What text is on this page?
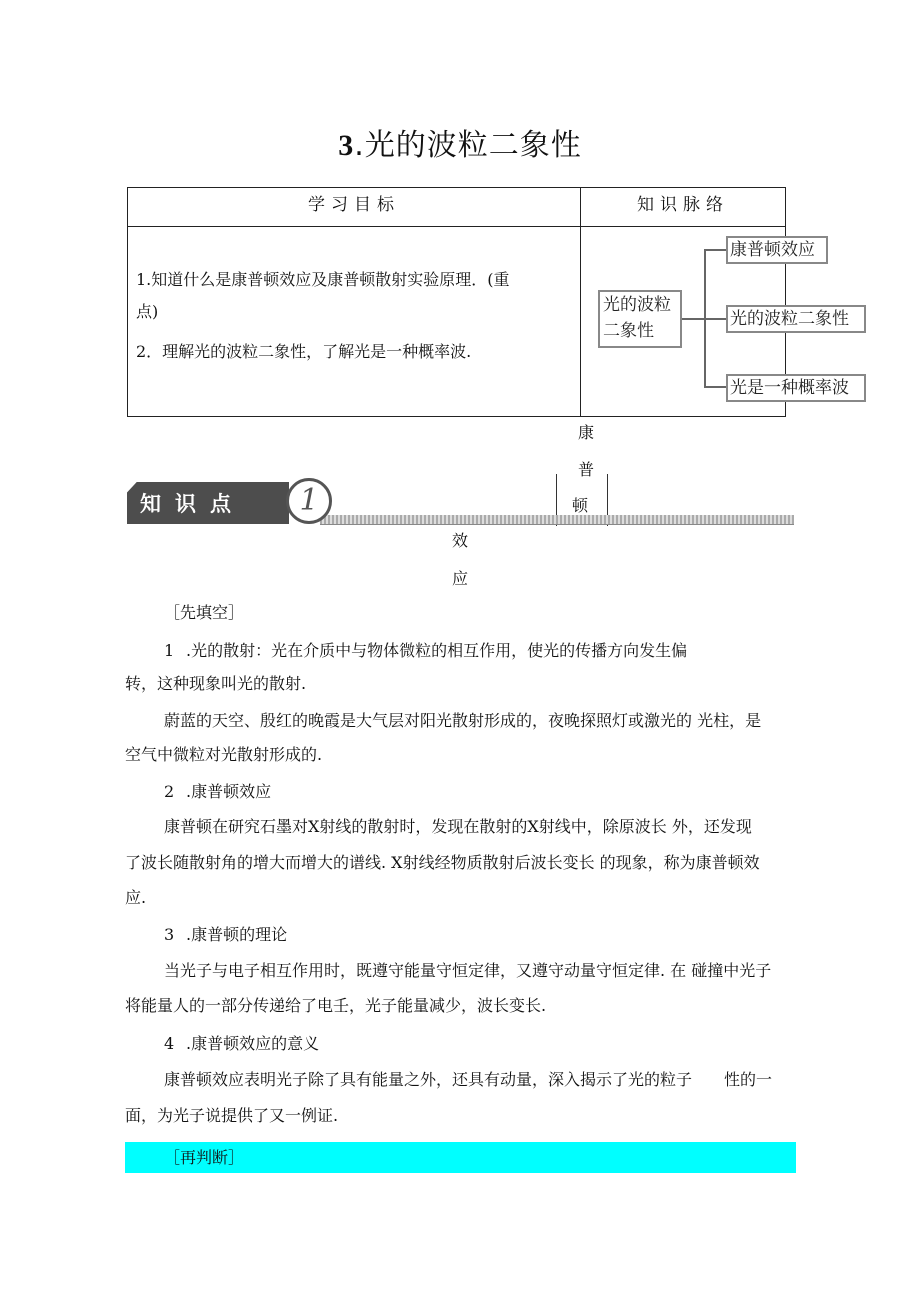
3.光的波粒二象性
学习目标	知识脉络
1.知道什么是康普顿效应及康普顿散射实验原理．(重
点)
2．理解光的波粒二象性，了解光是一种概率波.
光的波粒
二象性
康普顿效应
光的波粒二象性
光是一种概率波
康
普
顿
知识点	1
效
应
［先填空］
1 .光的散射：光在介质中与物体微粒的相互作用，使光的传播方向发生偏
转，这种现象叫光的散射.
蔚蓝的天空、殷红的晚霞是大气层对阳光散射形成的，夜晚探照灯或激光的 光柱，是
空气中微粒对光散射形成的.
2 .康普顿效应
康普顿在研究石墨对X射线的散射时，发现在散射的X射线中，除原波长 外，还发现
了波长随散射角的增大而增大的谱线. X射线经物质散射后波长变长 的现象，称为康普顿效
应.
3 .康普顿的理论
当光子与电子相互作用时，既遵守能量守恒定律，又遵守动量守恒定律. 在 碰撞中光子
将能量人的一部分传递给了电壬，光子能量减少，波长变长.
4 .康普顿效应的意义
康普顿效应表明光子除了具有能量之外，还具有动量，深入揭示了光的粒子　　性的一
面，为光子说提供了又一例证.
［再判断］
